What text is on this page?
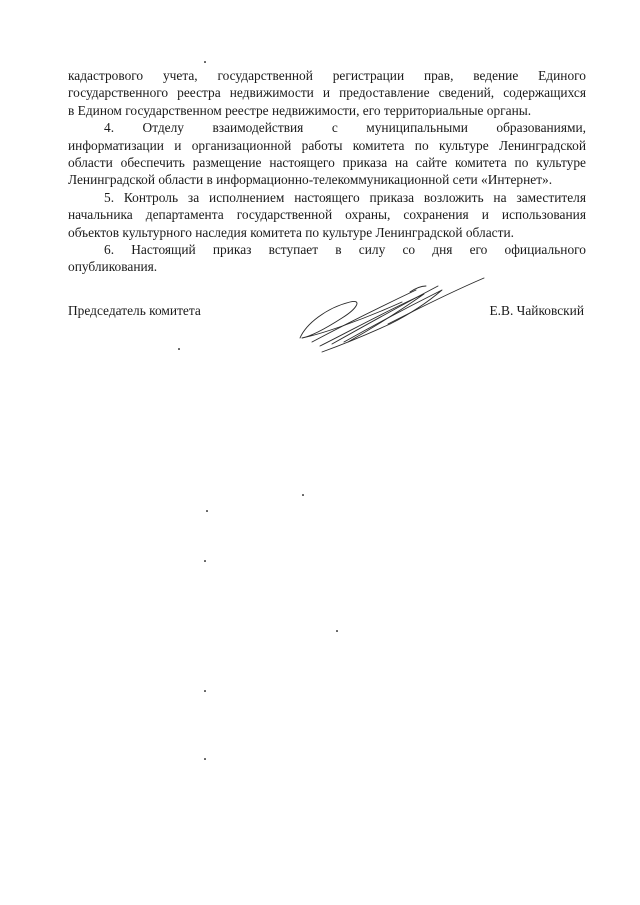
кадастрового учета, государственной регистрации прав, ведение Единого
государственного реестра недвижимости и предоставление сведений, содержащихся
в Едином государственном реестре недвижимости, его территориальные органы.

4. Отделу взаимодействия с муниципальными образованиями,
информатизации и организационной работы комитета по культуре Ленинградской
области обеспечить размещение настоящего приказа на сайте комитета по культуре
Ленинградской области в информационно-телекоммуникационной сети «Интернет».

5. Контроль за исполнением настоящего приказа возложить на заместителя
начальника департамента государственной охраны, сохранения и использования
объектов культурного наследия комитета по культуре Ленинградской области.

6. Настоящий приказ вступает в силу со дня его официального
опубликования.

Председатель комитета	Е.В. Чайковский
